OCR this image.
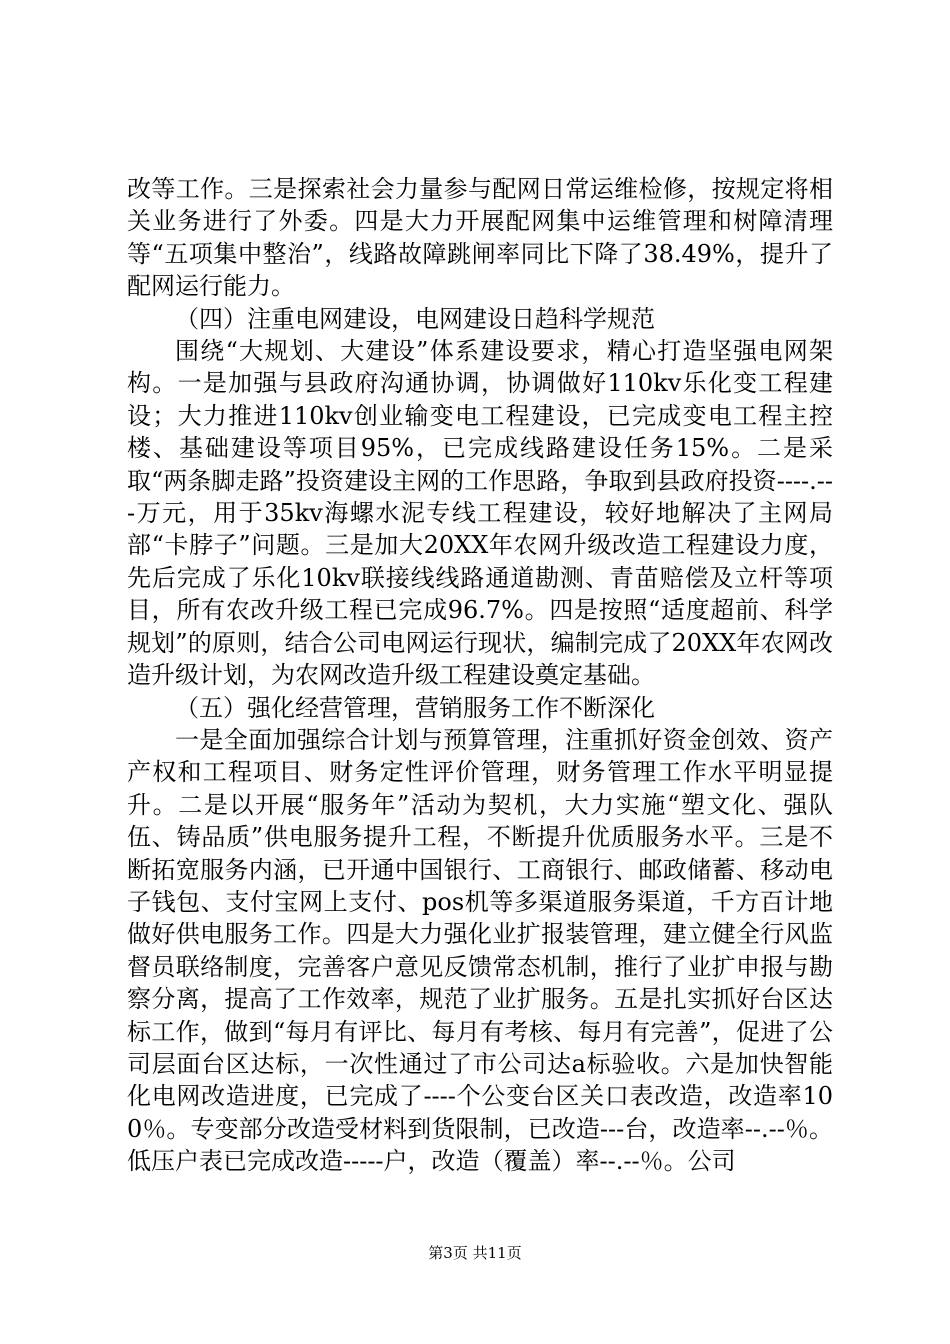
改等工作。三是探索社会力量参与配网日常运维检修，按规定将相关业务进行了外委。四是大力开展配网集中运维管理和树障清理等“五项集中整治”，线路故障跳闸率同比下降了38.49%，提升了配网运行能力。

（四）注重电网建设，电网建设日趋科学规范

围绕“大规划、大建设”体系建设要求，精心打造坚强电网架构。一是加强与县政府沟通协调，协调做好110kv乐化变工程建设；大力推进110kv创业输变电工程建设，已完成变电工程主控楼、基础建设等项目95%，已完成线路建设任务15%。二是采取“两条脚走路”投资建设主网的工作思路，争取到县政府投资----.---万元，用于35kv海螺水泥专线工程建设，较好地解决了主网局部“卡脖子”问题。三是加大20XX年农网升级改造工程建设力度，先后完成了乐化10kv联接线线路通道勘测、青苗赔偿及立杆等项目，所有农改升级工程已完成96.7%。四是按照“适度超前、科学规划”的原则，结合公司电网运行现状，编制完成了20XX年农网改造升级计划，为农网改造升级工程建设奠定基础。

（五）强化经营管理，营销服务工作不断深化

一是全面加强综合计划与预算管理，注重抓好资金创效、资产产权和工程项目、财务定性评价管理，财务管理工作水平明显提升。二是以开展“服务年”活动为契机，大力实施“塑文化、强队伍、铸品质”供电服务提升工程，不断提升优质服务水平。三是不断拓宽服务内涵，已开通中国银行、工商银行、邮政储蓄、移动电子钱包、支付宝网上支付、pos机等多渠道服务渠道，千方百计地做好供电服务工作。四是大力强化业扩报装管理，建立健全行风监督员联络制度，完善客户意见反馈常态机制，推行了业扩申报与勘察分离，提高了工作效率，规范了业扩服务。五是扎实抓好台区达标工作，做到“每月有评比、每月有考核、每月有完善”，促进了公司层面台区达标，一次性通过了市公司达a标验收。六是加快智能化电网改造进度，已完成了----个公变台区关口表改造，改造率100％。专变部分改造受材料到货限制，已改造---台，改造率--.--％。低压户表已完成改造-----户，改造（覆盖）率--.--％。公司

第3页 共11页
